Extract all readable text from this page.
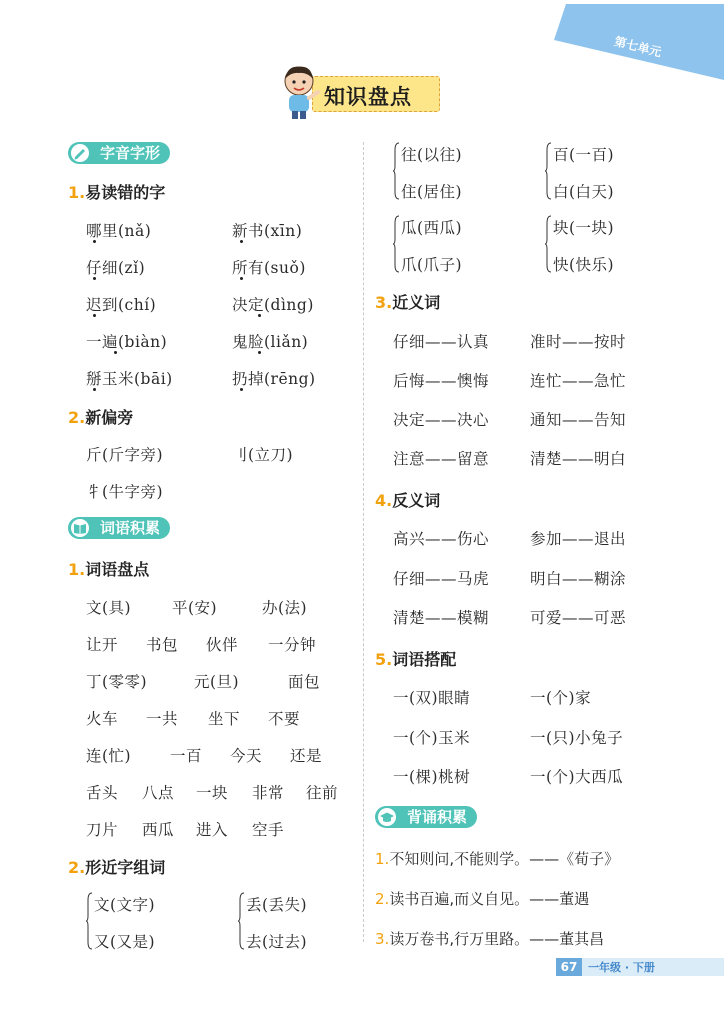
第七单元
知识盘点
字音字形
1.易读错的字
哪里(nǎ)	新书(xīn)
仔细(zǐ)	所有(suǒ)
迟到(chí)	决定(dìng)
一遍(biàn)	鬼脸(liǎn)
掰玉米(bāi)	扔掉(rēng)
2.新偏旁
斤(斤字旁)	刂(立刀)
牜(牛字旁)
词语积累
1.词语盘点
文(具)	平(安)	办(法)
让开 书包 伙伴 一分钟
丁(零零)	元(旦)	面包
火车 一共 坐下 不要
连(忙)	一百 今天 还是
舌头 八点 一块 非常 往前
刀片 西瓜 进入 空手
2.形近字组词
文(文字)
又(又是)
丢(丢失)
去(过去)
往(以往)
住(居住)
百(一百)
白(白天)
瓜(西瓜)
爪(爪子)
块(一块)
快(快乐)
3.近义词
仔细——认真	准时——按时
后悔——懊悔	连忙——急忙
决定——决心	通知——告知
注意——留意	清楚——明白
4.反义词
高兴——伤心	参加——退出
仔细——马虎	明白——糊涂
清楚——模糊	可爱——可恶
5.词语搭配
一(双)眼睛	一(个)家
一(个)玉米	一(只)小兔子
一(棵)桃树	一(个)大西瓜
背诵积累
1.不知则问,不能则学。——《荀子》
2.读书百遍,而义自见。——董遇
3.读万卷书,行万里路。——董其昌
67 一年级 · 下册
